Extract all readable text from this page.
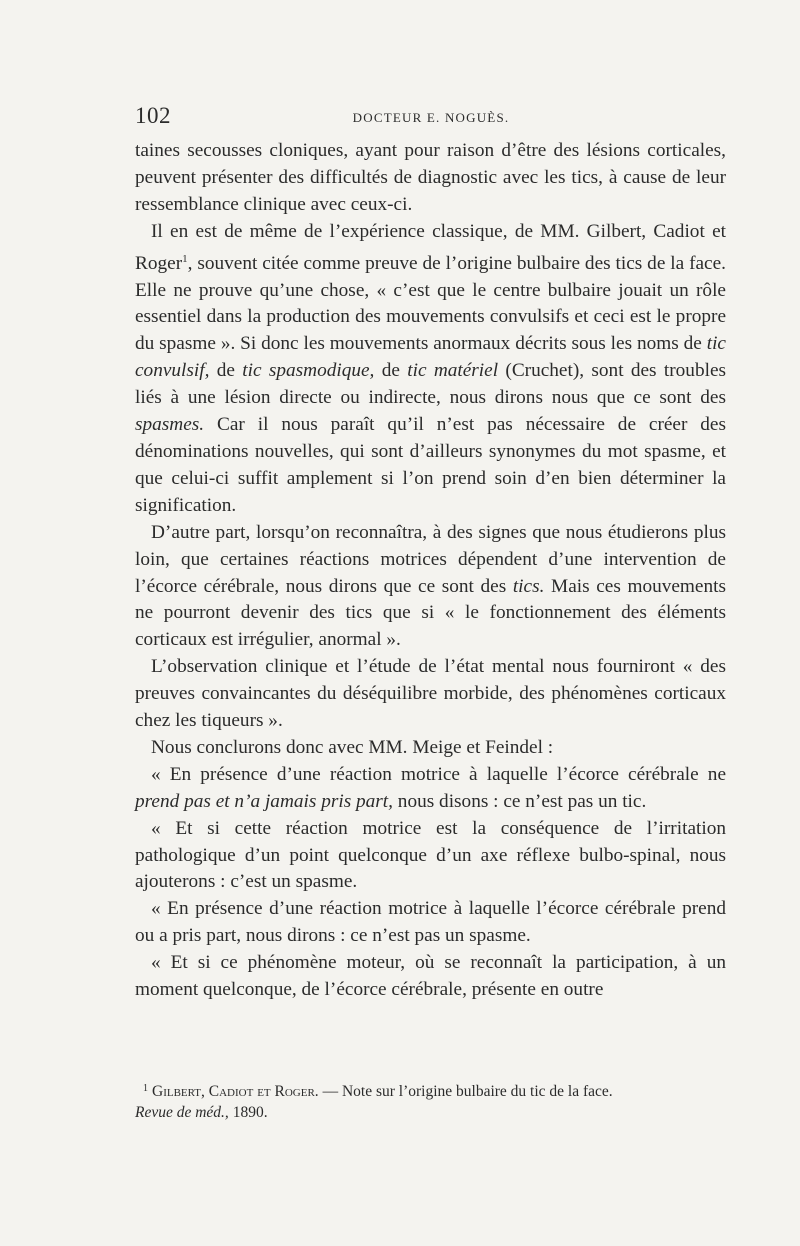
102	DOCTEUR E. NOGUÈS.

taines secousses cloniques, ayant pour raison d’être des lésions corticales, peuvent présenter des difficultés de diagnostic avec les tics, à cause de leur ressemblance clinique avec ceux-ci.

Il en est de même de l’expérience classique, de MM. Gilbert, Cadiot et Roger$^1$, souvent citée comme preuve de l’origine bulbaire des tics de la face. Elle ne prouve qu’une chose, « c’est que le centre bulbaire jouait un rôle essentiel dans la production des mouvements convulsifs et ceci est le propre du spasme ». Si donc les mouvements anormaux décrits sous les noms de tic convulsif, de tic spasmodique, de tic matériel (Cruchet), sont des troubles liés à une lésion directe ou indirecte, nous dirons nous que ce sont des spasmes. Car il nous paraît qu’il n’est pas nécessaire de créer des dénominations nouvelles, qui sont d’ailleurs synonymes du mot spasme, et que celui-ci suffit amplement si l’on prend soin d’en bien déterminer la signification.

D’autre part, lorsqu’on reconnaîtra, à des signes que nous étudierons plus loin, que certaines réactions motrices dépendent d’une intervention de l’écorce cérébrale, nous dirons que ce sont des tics. Mais ces mouvements ne pourront devenir des tics que si « le fonctionnement des éléments corticaux est irrégulier, anormal ».

L’observation clinique et l’étude de l’état mental nous fourniront « des preuves convaincantes du déséquilibre morbide, des phénomènes corticaux chez les tiqueurs ».

Nous conclurons donc avec MM. Meige et Feindel :

« En présence d’une réaction motrice à laquelle l’écorce cérébrale ne prend pas et n’a jamais pris part, nous disons : ce n’est pas un tic.

« Et si cette réaction motrice est la conséquence de l’irritation pathologique d’un point quelconque d’un axe réflexe bulbo-spinal, nous ajouterons : c’est un spasme.

« En présence d’une réaction motrice à laquelle l’écorce cérébrale prend ou a pris part, nous dirons : ce n’est pas un spasme.

« Et si ce phénomène moteur, où se reconnaît la participation, à un moment quelconque, de l’écorce cérébrale, présente en outre

$^1$ Gilbert, Cadiot et Roger. — Note sur l’origine bulbaire du tic de la face.
Revue de méd., 1890.
